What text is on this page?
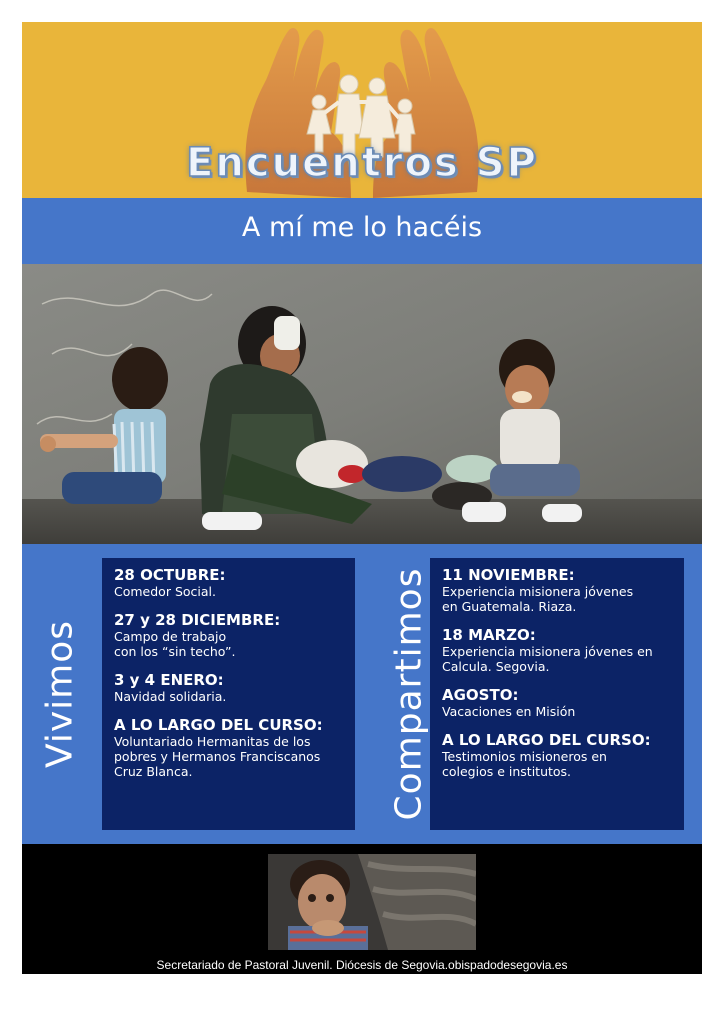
Encuentros SP
A mí me lo hacéis
Vivimos
28 OCTUBRE:

Comedor Social.

27 y 28 DICIEMBRE:

Campo de trabajo

con los “sin techo”.

3 y 4 ENERO:

Navidad solidaria.

A LO LARGO DEL CURSO:

Voluntariado Hermanitas de los

pobres y Hermanos Franciscanos

Cruz Blanca.	Compartimos 11 NOVIEMBRE:

Experiencia misionera jóvenes

en Guatemala. Riaza.

18 MARZO:

Experiencia misionera jóvenes en

Calcula. Segovia.

AGOSTO:

Vacaciones en Misión

A LO LARGO DEL CURSO:

Testimonios misioneros en

colegios e institutos.

Secretariado de Pastoral Juvenil. Diócesis de Segovia.obispadodesegovia.es
